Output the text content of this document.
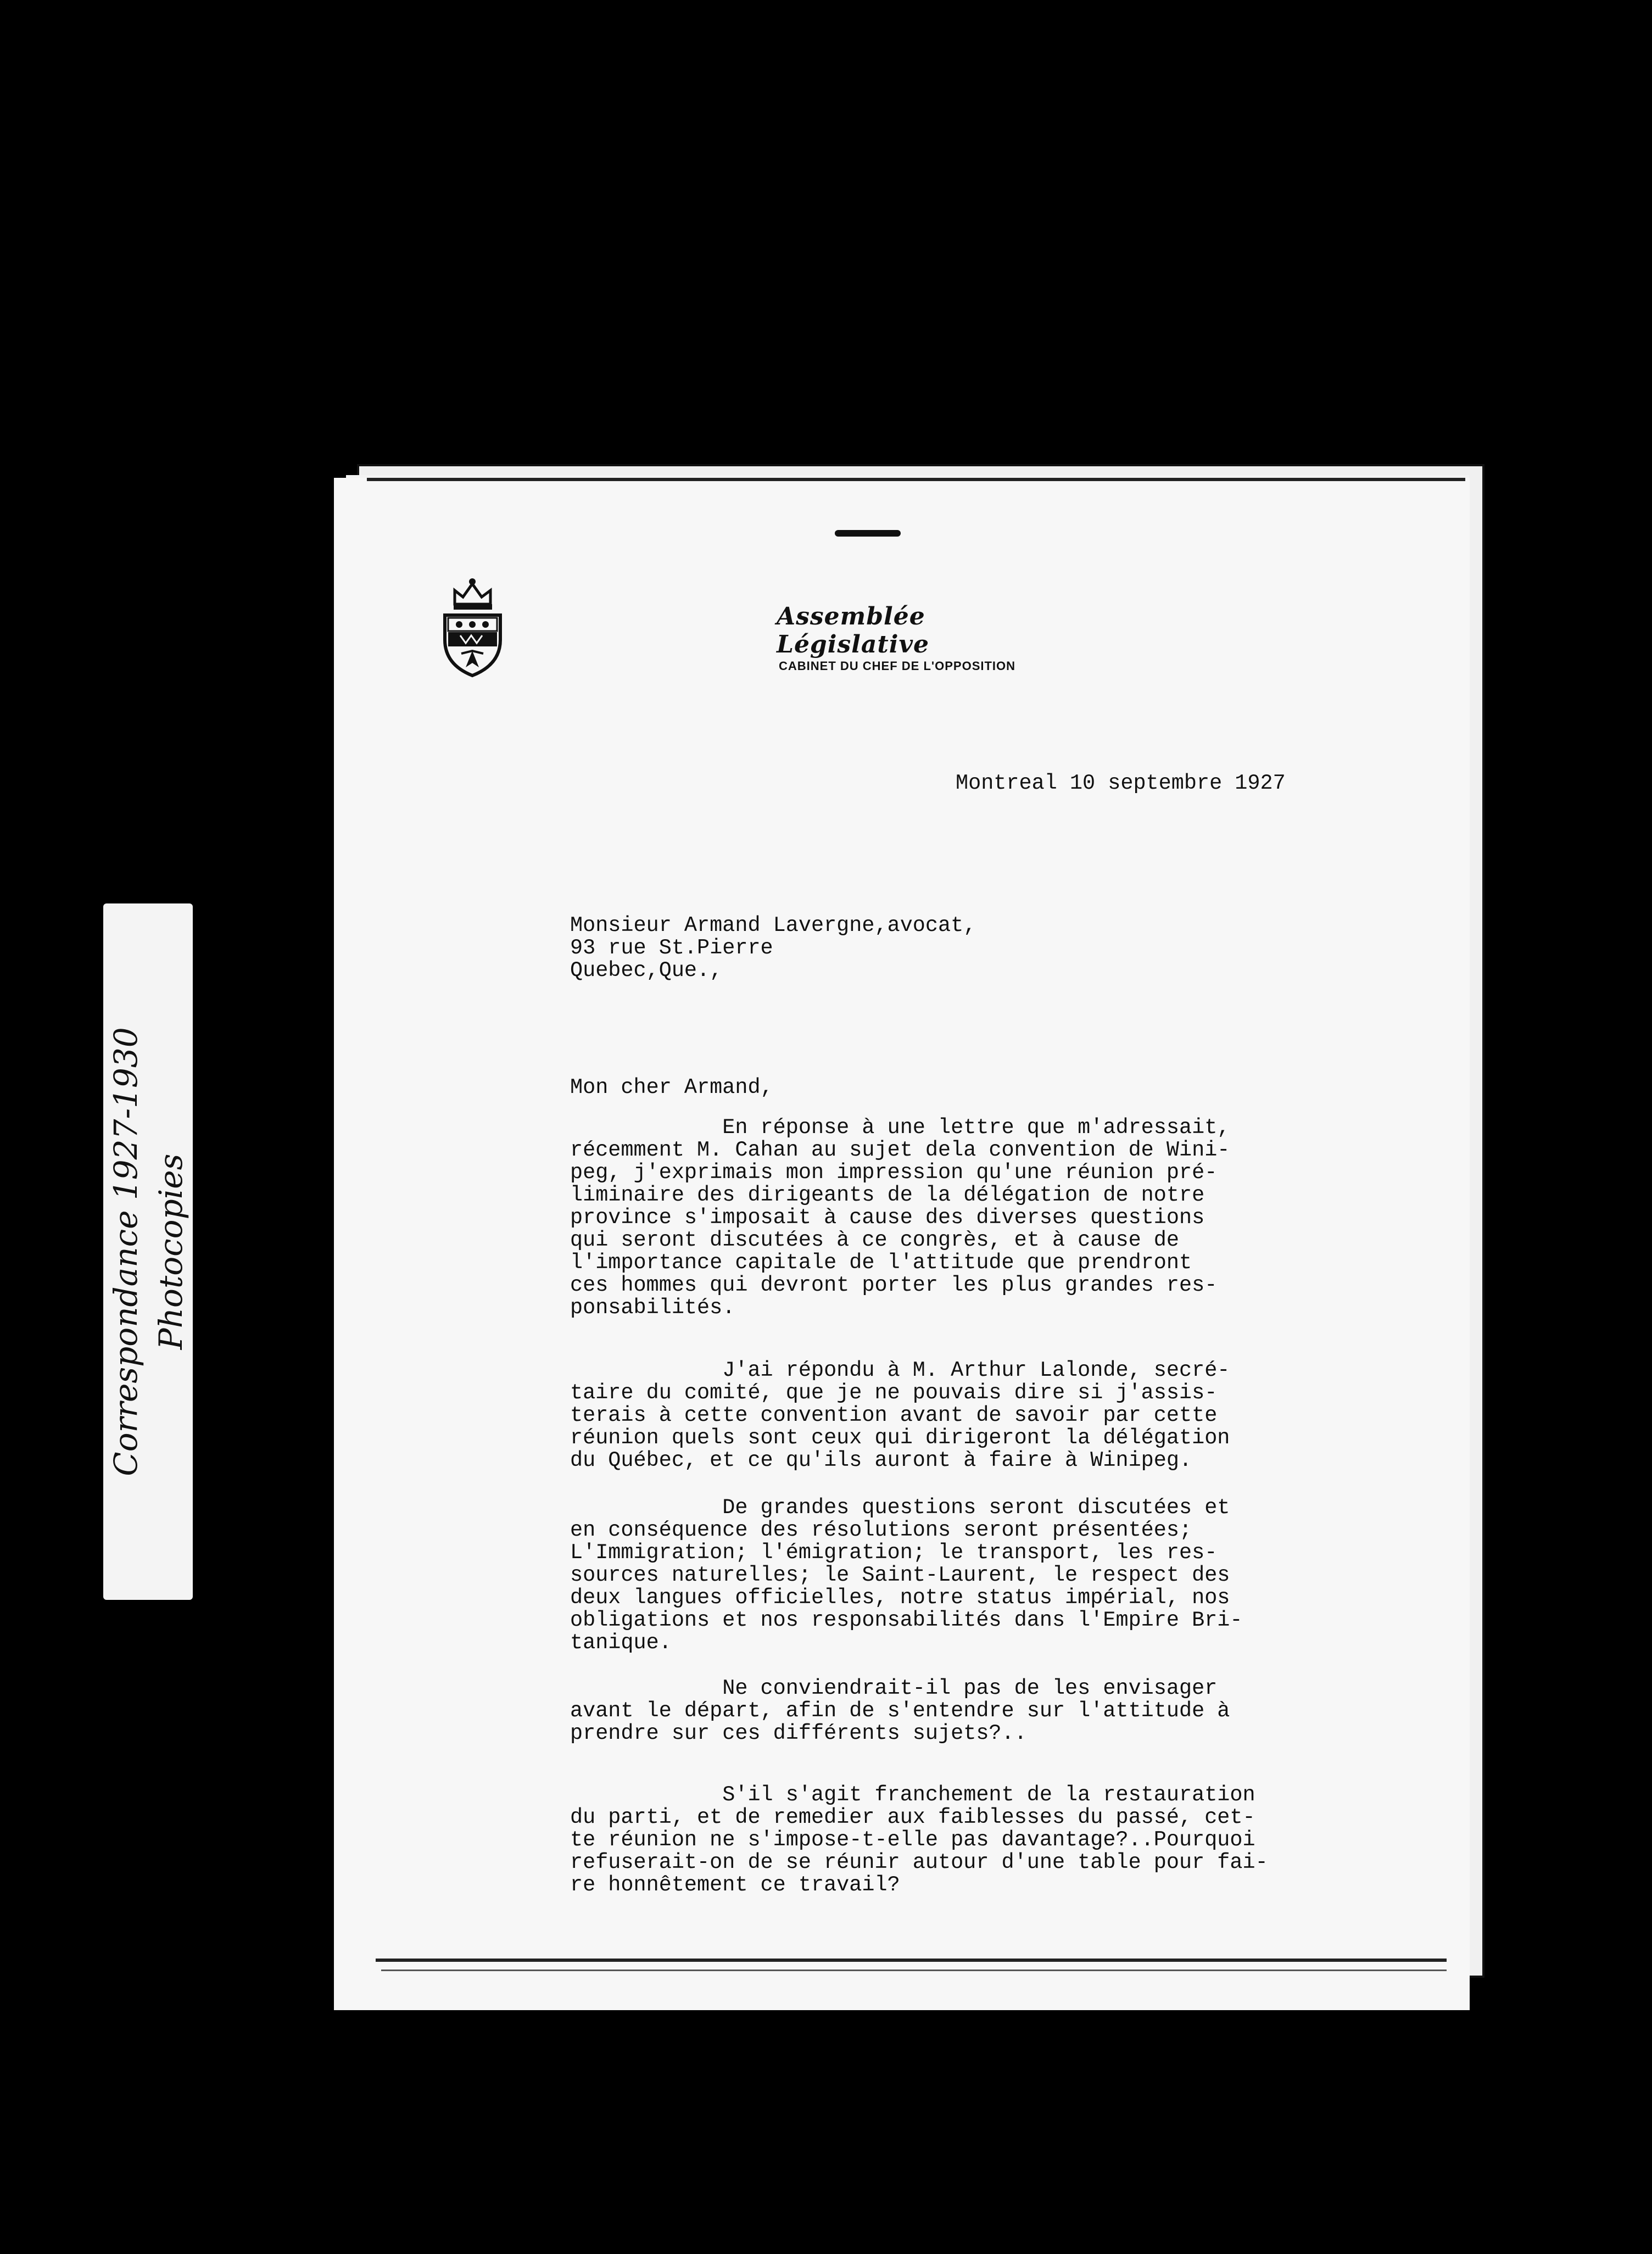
Correspondance 1927-1930 Photocopies
Assemblée Législative
CABINET DU CHEF DE L'OPPOSITION
Montreal 10 septembre 1927
Monsieur Armand Lavergne,avocat,
93 rue St.Pierre
Quebec,Que.,
Mon cher Armand,
En réponse à une lettre que m'adressait,
récemment M. Cahan au sujet dela convention de Wini-
peg, j'exprimais mon impression qu'une réunion pré-
liminaire des dirigeants de la délégation de notre
province s'imposait à cause des diverses questions
qui seront discutées à ce congrès, et à cause de
l'importance capitale de l'attitude que prendront
ces hommes qui devront porter les plus grandes res-
ponsabilités.
J'ai répondu à M. Arthur Lalonde, secré-
taire du comité, que je ne pouvais dire si j'assis-
terais à cette convention avant de savoir par cette
réunion quels sont ceux qui dirigeront la délégation
du Québec, et ce qu'ils auront à faire à Winipeg.
De grandes questions seront discutées et
en conséquence des résolutions seront présentées;
L'Immigration; l'émigration; le transport, les res-
sources naturelles; le Saint-Laurent, le respect des
deux langues officielles, notre status impérial, nos
obligations et nos responsabilités dans l'Empire Bri-
tanique.
Ne conviendrait-il pas de les envisager
avant le départ, afin de s'entendre sur l'attitude à
prendre sur ces différents sujets?..
S'il s'agit franchement de la restauration
du parti, et de remedier aux faiblesses du passé, cet-
te réunion ne s'impose-t-elle pas davantage?..Pourquoi
refuserait-on de se réunir autour d'une table pour fai-
re honnêtement ce travail?
